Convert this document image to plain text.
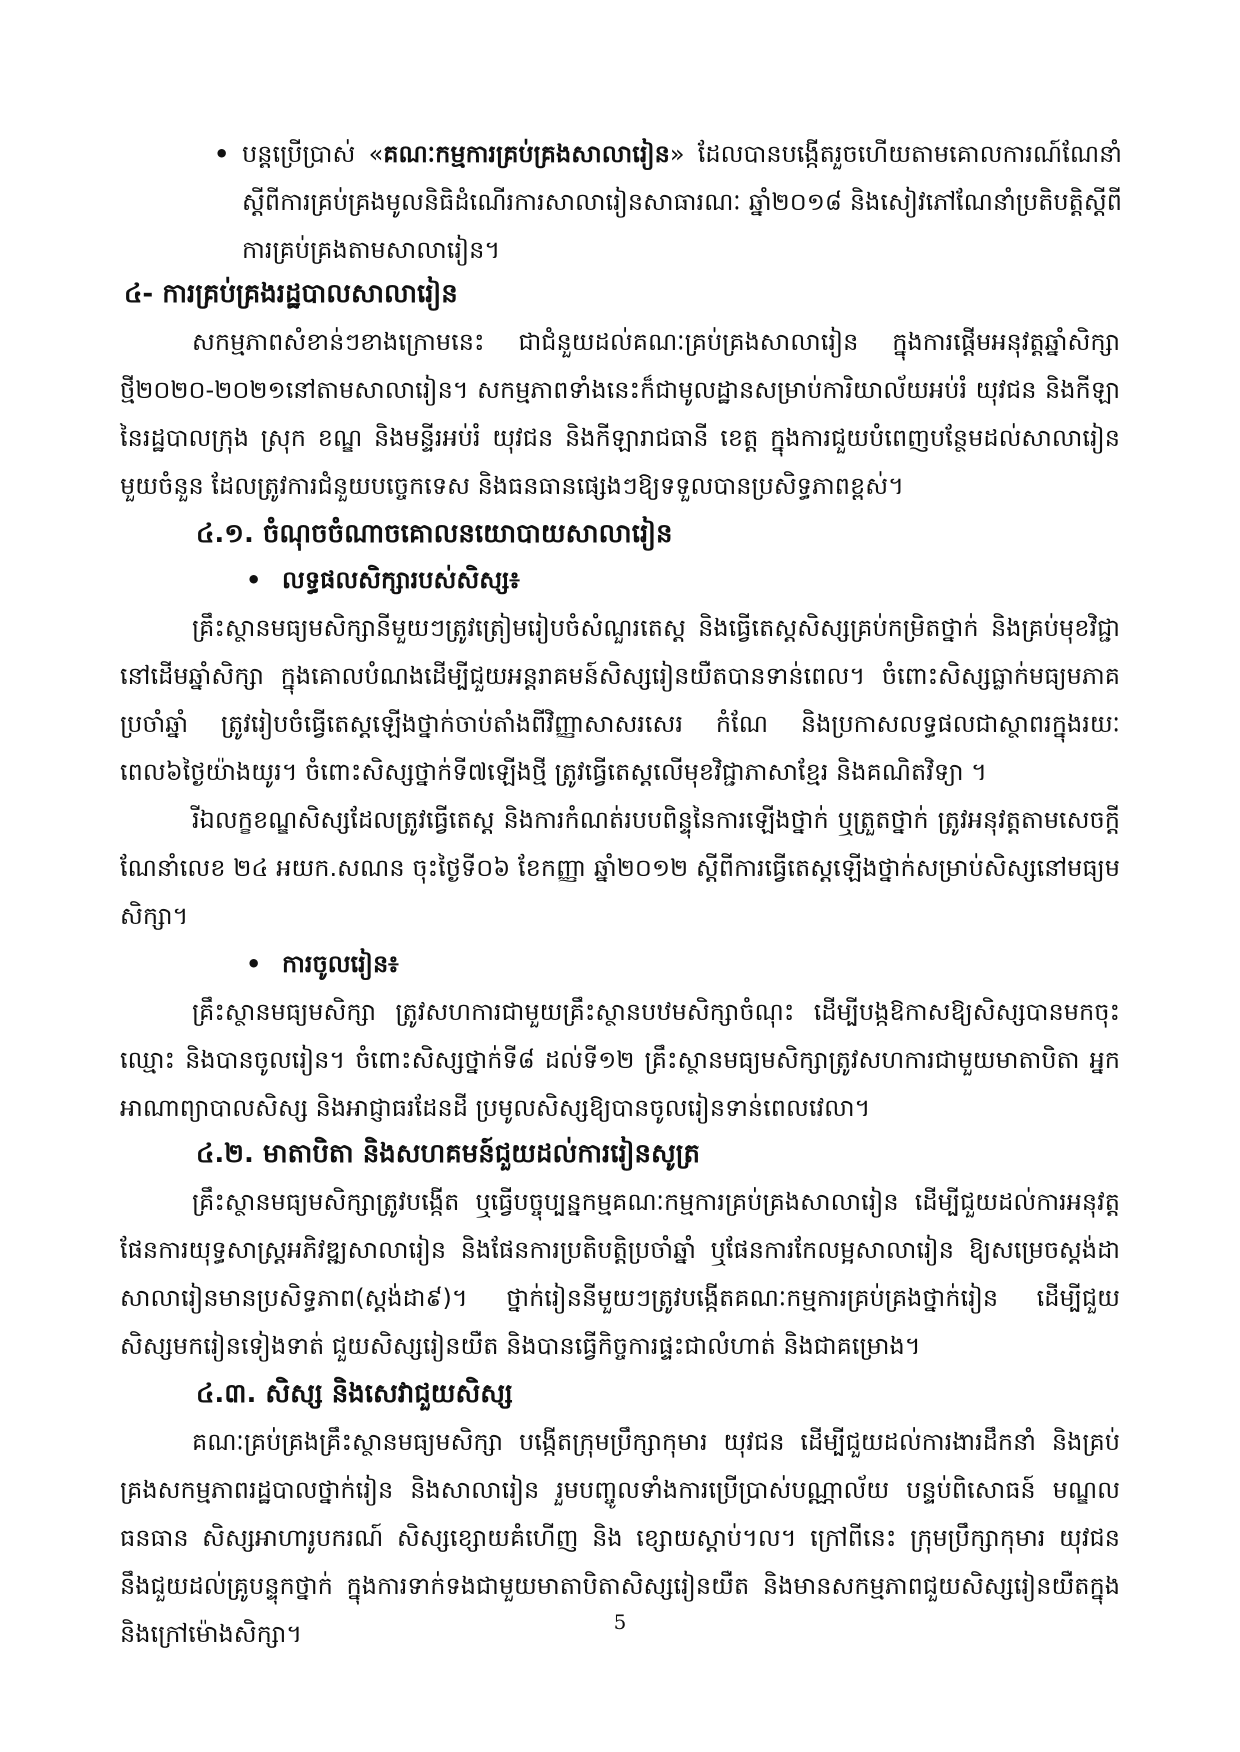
• បន្តប្រើប្រាស់ «គណៈកម្មការគ្រប់គ្រងសាលារៀន» ដែលបានបង្កើតរួចហើយតាមគោលការណ៍ណែនាំស្តីពីការគ្រប់គ្រងមូលនិធិដំណើរការសាលារៀនសាធារណៈ ឆ្នាំ២០១៨ និងសៀវភៅណែនាំប្រតិបត្តិស្តីពីការគ្រប់គ្រងតាមសាលារៀន។

៤- ការគ្រប់គ្រងរដ្ឋបាលសាលារៀន

សកម្មភាពសំខាន់ៗខាងក្រោមនេះ ជាជំនួយដល់គណៈគ្រប់គ្រងសាលារៀន ក្នុងការផ្តើមអនុវត្តឆ្នាំសិក្សាថ្មី២០២០-២០២១នៅតាមសាលារៀន។ សកម្មភាពទាំងនេះក៏ជាមូលដ្ឋានសម្រាប់ការិយាល័យអប់រំ យុវជន និងកីឡានៃរដ្ឋបាលក្រុង ស្រុក ខណ្ឌ និងមន្ទីរអប់រំ យុវជន និងកីឡារាជធានី ខេត្ត ក្នុងការជួយបំពេញបន្ថែមដល់សាលារៀនមួយចំនួន ដែលត្រូវការជំនួយបច្ចេកទេស និងធនធានផ្សេងៗឱ្យទទួលបានប្រសិទ្ធភាពខ្ពស់។

៤.១. ចំណុចចំណាចគោលនយោបាយសាលារៀន
• លទ្ធផលសិក្សារបស់សិស្ស៖

គ្រឹះស្ថានមធ្យមសិក្សានីមួយៗត្រូវត្រៀមរៀបចំសំណួរតេស្ត និងធ្វើតេស្តសិស្សគ្រប់កម្រិតថ្នាក់ និងគ្រប់មុខវិជ្ជានៅដើមឆ្នាំសិក្សា ក្នុងគោលបំណងដើម្បីជួយអន្តរាគមន៍សិស្សរៀនយឺតបានទាន់ពេល។ ចំពោះសិស្សធ្លាក់មធ្យមភាគប្រចាំឆ្នាំ ត្រូវរៀបចំធ្វើតេស្តឡើងថ្នាក់ចាប់តាំងពីវិញ្ញាសាសរសេរ កំណែ និងប្រកាសលទ្ធផលជាស្ថាពរក្នុងរយៈពេល៦ថ្ងៃយ៉ាងយូរ។ ចំពោះសិស្សថ្នាក់ទី៧ឡើងថ្មី ត្រូវធ្វើតេស្តលើមុខវិជ្ជាភាសាខ្មែរ និងគណិតវិទ្យា ។

រីឯលក្ខខណ្ឌសិស្សដែលត្រូវធ្វើតេស្ត និងការកំណត់របបពិន្ទុនៃការឡើងថ្នាក់ ឬត្រួតថ្នាក់ ត្រូវអនុវត្តតាមសេចក្តីណែនាំលេខ ២៤ អយក.សណន ចុះថ្ងៃទី០៦ ខែកញ្ញា ឆ្នាំ២០១២ ស្តីពីការធ្វើតេស្តឡើងថ្នាក់សម្រាប់សិស្សនៅមធ្យមសិក្សា។

• ការចូលរៀន៖

គ្រឹះស្ថានមធ្យមសិក្សា ត្រូវសហការជាមួយគ្រឹះស្ថានបឋមសិក្សាចំណុះ ដើម្បីបង្កឱកាសឱ្យសិស្សបានមកចុះឈ្មោះ និងបានចូលរៀន។ ចំពោះសិស្សថ្នាក់ទី៨ ដល់ទី១២ គ្រឹះស្ថានមធ្យមសិក្សាត្រូវសហការជាមួយមាតាបិតា អ្នកអាណាព្យាបាលសិស្ស និងអាជ្ញាធរដែនដី ប្រមូលសិស្សឱ្យបានចូលរៀនទាន់ពេលវេលា។

៤.២. មាតាបិតា និងសហគមន៍ជួយដល់ការរៀនសូត្រ

គ្រឹះស្ថានមធ្យមសិក្សាត្រូវបង្កើត ឬធ្វើបច្ចុប្បន្នកម្មគណៈកម្មការគ្រប់គ្រងសាលារៀន ដើម្បីជួយដល់ការអនុវត្តផែនការយុទ្ធសាស្ត្រអភិវឌ្ឍសាលារៀន និងផែនការប្រតិបត្តិប្រចាំឆ្នាំ ឬផែនការកែលម្អសាលារៀន ឱ្យសម្រេចស្តង់ដាសាលារៀនមានប្រសិទ្ធភាព(ស្តង់ដា៩)។ ថ្នាក់រៀននីមួយៗត្រូវបង្កើតគណៈកម្មការគ្រប់គ្រងថ្នាក់រៀន ដើម្បីជួយសិស្សមករៀនទៀងទាត់ ជួយសិស្សរៀនយឺត និងបានធ្វើកិច្ចការផ្ទះជាលំហាត់ និងជាគម្រោង។

៤.៣. សិស្ស និងសេវាជួយសិស្ស

គណៈគ្រប់គ្រងគ្រឹះស្ថានមធ្យមសិក្សា បង្កើតក្រុមប្រឹក្សាកុមារ យុវជន ដើម្បីជួយដល់ការងារដឹកនាំ និងគ្រប់គ្រងសកម្មភាពរដ្ឋបាលថ្នាក់រៀន និងសាលារៀន រួមបញ្ចូលទាំងការប្រើប្រាស់បណ្ណាល័យ បន្ទប់ពិសោធន៍ មណ្ឌលធនធាន សិស្សអាហារូបករណ៍ សិស្សខ្សោយគំហើញ និង ខ្សោយស្តាប់។ល។ ក្រៅពីនេះ ក្រុមប្រឹក្សាកុមារ យុវជននឹងជួយដល់គ្រូបន្ទុកថ្នាក់ ក្នុងការទាក់ទងជាមួយមាតាបិតាសិស្សរៀនយឺត និងមានសកម្មភាពជួយសិស្សរៀនយឺតក្នុង និងក្រៅម៉ោងសិក្សា។	5
